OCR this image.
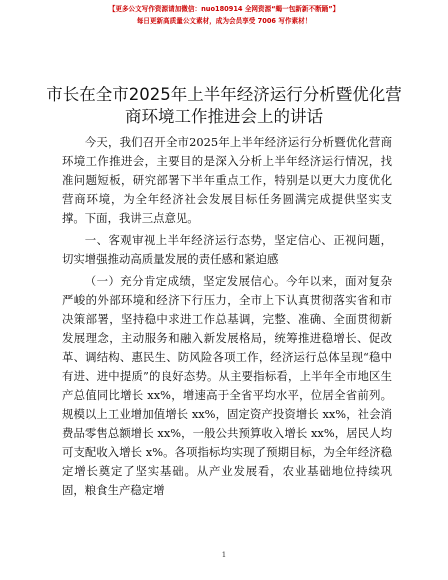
【更多公文写作资源请加微信：nuo180914 全网资源“蝎一包新新不断踊”】
每日更新高质量公文素材，成为会员享受 7006 写作素材！
市长在全市2025年上半年经济运行分析暨优化营商环境工作推进会上的讲话

今天，我们召开全市2025年上半年经济运行分析暨优化营商环境工作推进会，主要目的是深入分析上半年经济运行情况，找准问题短板，研究部署下半年重点工作，特别是以更大力度优化营商环境，为全年经济社会发展目标任务圆满完成提供坚实支撑。下面，我讲三点意见。

一、客观审视上半年经济运行态势，坚定信心、正视问题，切实增强推动高质量发展的责任感和紧迫感

（一）充分肯定成绩，坚定发展信心。今年以来，面对复杂严峻的外部环境和经济下行压力，全市上下认真贯彻落实省和市决策部署，坚持稳中求进工作总基调，完整、准确、全面贯彻新发展理念，主动服务和融入新发展格局，统筹推进稳增长、促改革、调结构、惠民生、防风险各项工作，经济运行总体呈现“稳中有进、进中提质”的良好态势。从主要指标看，上半年全市地区生产总值同比增长 xx%，增速高于全省平均水平，位居全省前列。规模以上工业增加值增长 xx%，固定资产投资增长 xx%，社会消费品零售总额增长 xx%，一般公共预算收入增长 xx%，居民人均可支配收入增长 x%。各项指标均实现了预期目标，为全年经济稳定增长奠定了坚实基础。从产业发展看，农业基础地位持续巩固，粮食生产稳定增

1
